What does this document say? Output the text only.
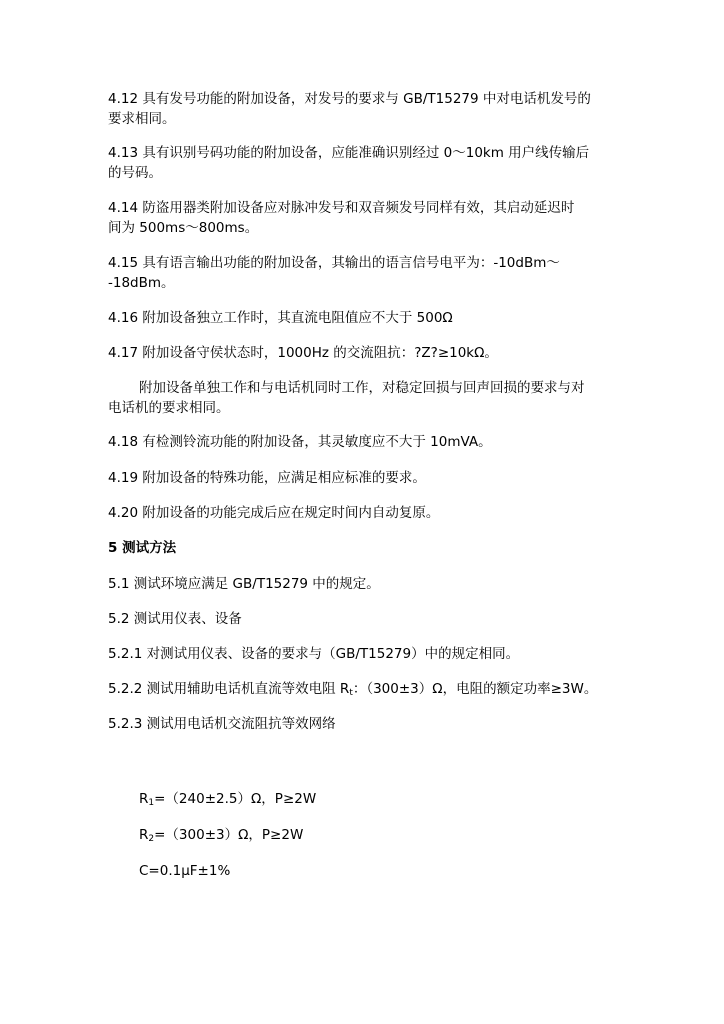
4.12 具有发号功能的附加设备，对发号的要求与 GB/T15279 中对电话机发号的
要求相同。
4.13 具有识别号码功能的附加设备，应能准确识别经过 0～10km 用户线传输后
的号码。
4.14 防盗用器类附加设备应对脉冲发号和双音频发号同样有效，其启动延迟时
间为 500ms～800ms。
4.15 具有语言输出功能的附加设备，其输出的语言信号电平为：-10dBm～
-18dBm。
4.16 附加设备独立工作时，其直流电阻值应不大于 500Ω
4.17 附加设备守侯状态时，1000Hz 的交流阻抗：?Z?≥10kΩ。
附加设备单独工作和与电话机同时工作，对稳定回损与回声回损的要求与对
电话机的要求相同。
4.18 有检测铃流功能的附加设备，其灵敏度应不大于 10mVA。
4.19 附加设备的特殊功能，应满足相应标准的要求。
4.20 附加设备的功能完成后应在规定时间内自动复原。
5 测试方法
5.1 测试环境应满足 GB/T15279 中的规定。
5.2 测试用仪表、设备
5.2.1 对测试用仪表、设备的要求与（GB/T15279）中的规定相同。
5.2.2 测试用辅助电话机直流等效电阻 $R_t$：（300±3）Ω，电阻的额定功率≥3W。
5.2.3 测试用电话机交流阻抗等效网络
$R_1=(240\pm 2.5)\Omega$，P≥2W
$R_2=(300\pm 3)\Omega$，P≥2W
C=0.1μF±1%
